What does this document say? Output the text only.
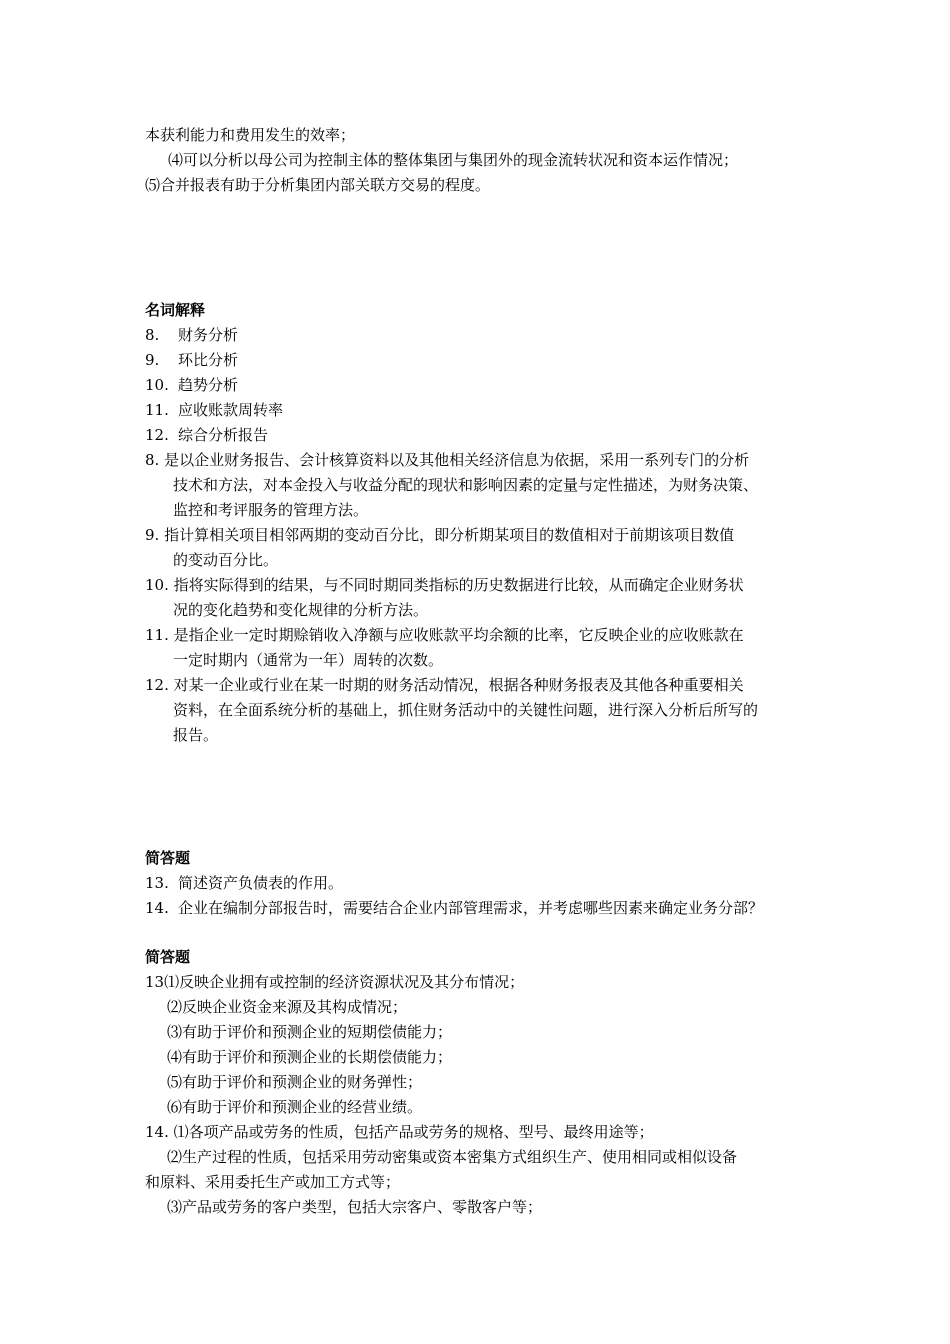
本获利能力和费用发生的效率；
⑷可以分析以母公司为控制主体的整体集团与集团外的现金流转状况和资本运作情况；
⑸合并报表有助于分析集团内部关联方交易的程度。
名词解释
8. 财务分析
9. 环比分析
10. 趋势分析
11. 应收账款周转率
12. 综合分析报告
8. 是以企业财务报告、会计核算资料以及其他相关经济信息为依据，采用一系列专门的分析
技术和方法，对本金投入与收益分配的现状和影响因素的定量与定性描述，为财务决策、
监控和考评服务的管理方法。
9. 指计算相关项目相邻两期的变动百分比，即分析期某项目的数值相对于前期该项目数值
的变动百分比。
10. 指将实际得到的结果，与不同时期同类指标的历史数据进行比较，从而确定企业财务状
况的变化趋势和变化规律的分析方法。
11. 是指企业一定时期赊销收入净额与应收账款平均余额的比率，它反映企业的应收账款在
一定时期内（通常为一年）周转的次数。
12. 对某一企业或行业在某一时期的财务活动情况，根据各种财务报表及其他各种重要相关
资料，在全面系统分析的基础上，抓住财务活动中的关键性问题，进行深入分析后所写的
报告。
简答题
13. 简述资产负债表的作用。
14. 企业在编制分部报告时，需要结合企业内部管理需求，并考虑哪些因素来确定业务分部？
简答题
13⑴反映企业拥有或控制的经济资源状况及其分布情况；
⑵反映企业资金来源及其构成情况；
⑶有助于评价和预测企业的短期偿债能力；
⑷有助于评价和预测企业的长期偿债能力；
⑸有助于评价和预测企业的财务弹性；
⑹有助于评价和预测企业的经营业绩。
14. ⑴各项产品或劳务的性质，包括产品或劳务的规格、型号、最终用途等；
⑵生产过程的性质，包括采用劳动密集或资本密集方式组织生产、使用相同或相似设备
和原料、采用委托生产或加工方式等；
⑶产品或劳务的客户类型，包括大宗客户、零散客户等；
